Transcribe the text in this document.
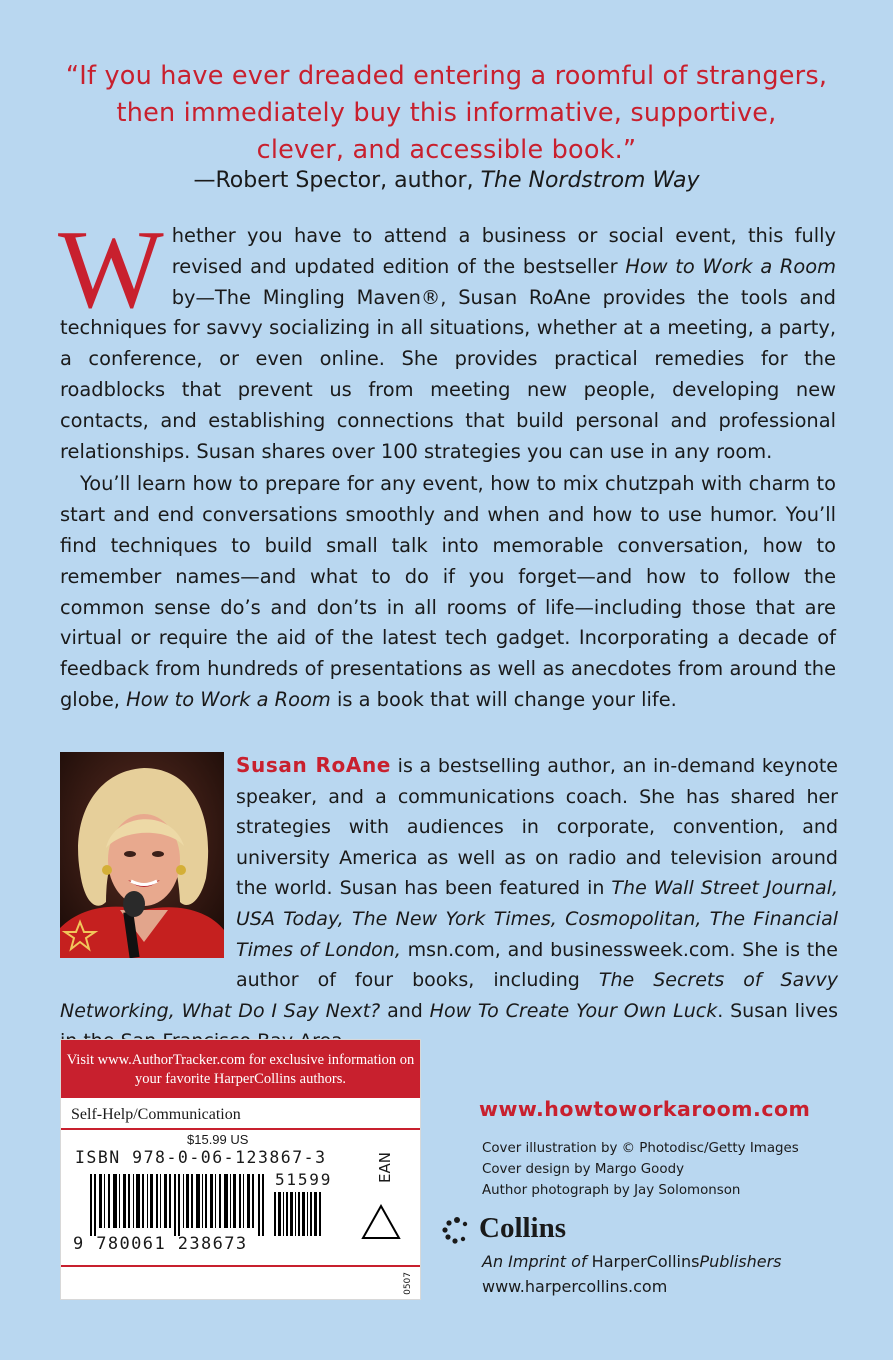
“If you have ever dreaded entering a roomful of strangers,
then immediately buy this informative, supportive,
clever, and accessible book.”
—Robert Spector, author, The Nordstrom Way

Whether you have to attend a business or social event, this fully revised and updated edition of the bestseller How to Work a Room by—The Mingling Maven®, Susan RoAne provides the tools and techniques for savvy socializing in all situations, whether at a meeting, a party, a conference, or even online. She provides practical remedies for the roadblocks that prevent us from meeting new people, developing new contacts, and establishing connections that build personal and professional relationships. Susan shares over 100 strategies you can use in any room.

You’ll learn how to prepare for any event, how to mix chutzpah with charm to start and end conversations smoothly and when and how to use humor. You’ll find techniques to build small talk into memorable conversation, how to remember names—and what to do if you forget—and how to follow the common sense do’s and don’ts in all rooms of life—including those that are virtual or require the aid of the latest tech gadget. Incorporating a decade of feedback from hundreds of presentations as well as anecdotes from around the globe, How to Work a Room is a book that will change your life.

Susan RoAne is a bestselling author, an in-demand keynote speaker, and a communications coach. She has shared her strategies with audiences in corporate, convention, and university America as well as on radio and television around the world. Susan has been featured in The Wall Street Journal, USA Today, The New York Times, Cosmopolitan, The Financial Times of London, msn.com, and businessweek.com. She is the author of four books, including The Secrets of Savvy Networking, What Do I Say Next? and How To Create Your Own Luck. Susan lives
Visit www.AuthorTracker.com for exclusive information on your favorite HarperCollins authors.
Self-Help/Communication
$15.99 US
ISBN 978-0-06-123867-3
51599	EAN
9 780061 238673
0507
www.howtoworkaroom.com
Cover illustration by © Photodisc/Getty Images
Cover design by Margo Goody
Author photograph by Jay Solomonson
Collins
An Imprint of HarperCollinsPublishers
www.harpercollins.com
